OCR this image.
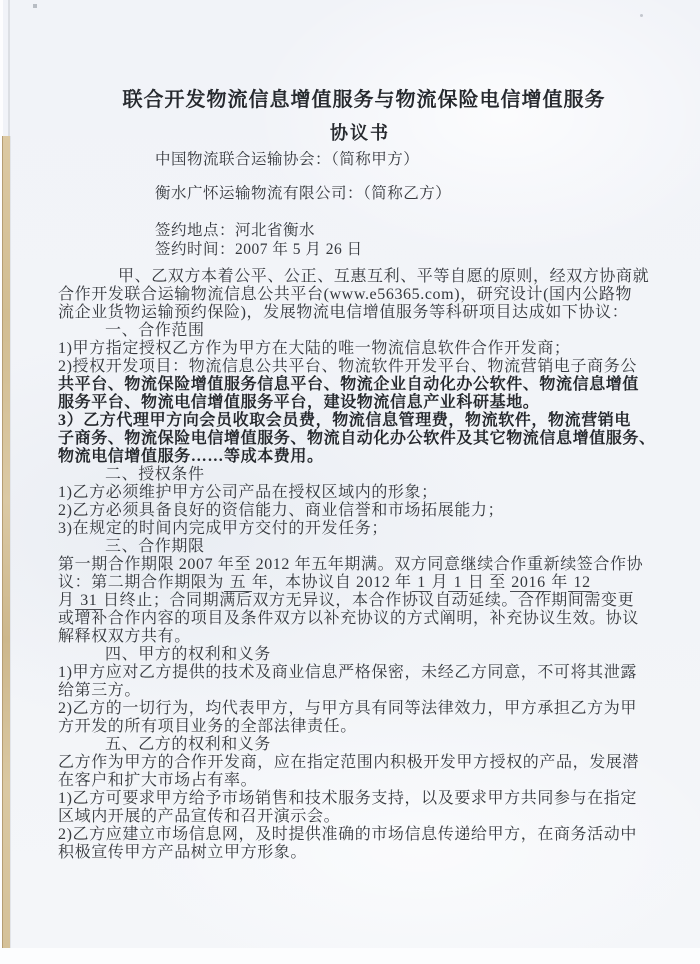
联合开发物流信息增值服务与物流保险电信增值服务
协议书
中国物流联合运输协会：（简称甲方）
衡水广怀运输物流有限公司：（简称乙方）
签约地点：河北省衡水
签约时间：2007 年 5 月 26 日
甲、乙双方本着公平、公正、互惠互利、平等自愿的原则，经双方协商就
合作开发联合运输物流信息公共平台(www.e56365.com)，研究设计(国内公路物
流企业货物运输预约保险)，发展物流电信增值服务等科研项目达成如下协议：
一、合作范围
1)甲方指定授权乙方作为甲方在大陆的唯一物流信息软件合作开发商；
2)授权开发项目：物流信息公共平台、物流软件开发平台、物流营销电子商务公
共平台、物流保险增值服务信息平台、物流企业自动化办公软件、物流信息增值
服务平台、物流电信增值服务平台，建设物流信息产业科研基地。
3）乙方代理甲方向会员收取会员费，物流信息管理费，物流软件，物流营销电
子商务、物流保险电信增值服务、物流自动化办公软件及其它物流信息增值服务、
物流电信增值服务……等成本费用。
二、授权条件
1)乙方必须维护甲方公司产品在授权区域内的形象；
2)乙方必须具备良好的资信能力、商业信誉和市场拓展能力；
3)在规定的时间内完成甲方交付的开发任务；
三、合作期限
第一期合作期限 2007 年至 2012 年五年期满。双方同意继续合作重新续签合作协
议：第二期合作期限为 五 年，本协议自 2012 年 1 月 1 日 至 2016 年 12
月 31 日终止；合同期满后双方无异议，本合作协议自动延续。合作期间需变更
或增补合作内容的项目及条件双方以补充协议的方式阐明，补充协议生效。协议
解释权双方共有。
四、甲方的权利和义务
1)甲方应对乙方提供的技术及商业信息严格保密，未经乙方同意，不可将其泄露
给第三方。
2)乙方的一切行为，均代表甲方，与甲方具有同等法律效力，甲方承担乙方为甲
方开发的所有项目业务的全部法律责任。
五、乙方的权利和义务
乙方作为甲方的合作开发商，应在指定范围内积极开发甲方授权的产品，发展潜
在客户和扩大市场占有率。
1)乙方可要求甲方给予市场销售和技术服务支持，以及要求甲方共同参与在指定
区域内开展的产品宣传和召开演示会。
2)乙方应建立市场信息网，及时提供准确的市场信息传递给甲方，在商务活动中
积极宣传甲方产品树立甲方形象。
